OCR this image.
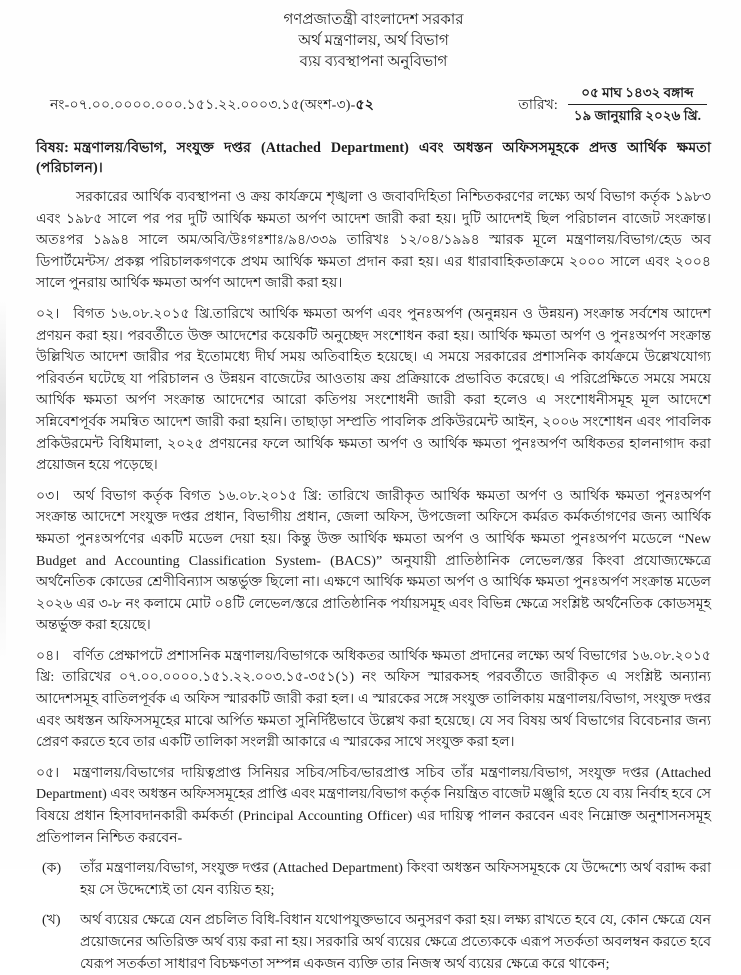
গণপ্রজাতন্ত্রী বাংলাদেশ সরকার
অর্থ মন্ত্রণালয়, অর্থ বিভাগ
ব্যয় ব্যবস্থাপনা অনুবিভাগ
নং-০৭.০০.০০০০.০০০.১৫১.২২.০০০৩.১৫(অংশ-৩)-৫২	তারিখ: $\frac{\text{০৫ মাঘ ১৪৩২ বঙ্গাব্দ}}{\text{১৯ জানুয়ারি ২০২৬ খ্রি.}}$
বিষয়: মন্ত্রণালয়/বিভাগ, সংযুক্ত দপ্তর (Attached Department) এবং অধস্তন অফিসসমূহকে প্রদত্ত আর্থিক ক্ষমতা (পরিচালন)।
সরকারের আর্থিক ব্যবস্থাপনা ও ক্রয় কার্যক্রমে শৃঙ্খলা ও জবাবদিহিতা নিশ্চিতকরণের লক্ষ্যে অর্থ বিভাগ কর্তৃক ১৯৮৩ এবং ১৯৮৫ সালে পর পর দুটি আর্থিক ক্ষমতা অর্পণ আদেশ জারী করা হয়। দুটি আদেশই ছিল পরিচালন বাজেট সংক্রান্ত। অতঃপর ১৯৯৪ সালে অম/অবি/উঃগঃশাঃ/৯৪/৩৩৯ তারিখঃ ১২/০৪/১৯৯৪ স্মারক মূলে মন্ত্রণালয়/বিভাগ/হেড অব ডিপার্টমেন্টস/ প্রকল্প পরিচালকগণকে প্রথম আর্থিক ক্ষমতা প্রদান করা হয়। এর ধারাবাহিকতাক্রমে ২০০০ সালে এবং ২০০৪ সালে পুনরায় আর্থিক ক্ষমতা অর্পণ আদেশ জারী করা হয়।
০২। বিগত ১৬.০৮.২০১৫ খ্রি.তারিখে আর্থিক ক্ষমতা অর্পণ এবং পুনঃঅর্পণ (অনুন্নয়ন ও উন্নয়ন) সংক্রান্ত সর্বশেষ আদেশ প্রণয়ন করা হয়। পরবর্তীতে উক্ত আদেশের কয়েকটি অনুচ্ছেদ সংশোধন করা হয়। আর্থিক ক্ষমতা অর্পণ ও পুনঃঅর্পণ সংক্রান্ত উল্লিখিত আদেশ জারীর পর ইতোমধ্যে দীর্ঘ সময় অতিবাহিত হয়েছে। এ সময়ে সরকারের প্রশাসনিক কার্যক্রমে উল্লেখযোগ্য পরিবর্তন ঘটেছে যা পরিচালন ও উন্নয়ন বাজেটের আওতায় ক্রয় প্রক্রিয়াকে প্রভাবিত করেছে। এ পরিপ্রেক্ষিতে সময়ে সময়ে আর্থিক ক্ষমতা অর্পণ সংক্রান্ত আদেশের আরো কতিপয় সংশোধনী জারী করা হলেও এ সংশোধনীসমূহ মূল আদেশে সন্নিবেশপূর্বক সমন্বিত আদেশ জারী করা হয়নি। তাছাড়া সম্প্রতি পাবলিক প্রকিউরমেন্ট আইন, ২০০৬ সংশোধন এবং পাবলিক প্রকিউরমেন্ট বিধিমালা, ২০২৫ প্রণয়নের ফলে আর্থিক ক্ষমতা অর্পণ ও আর্থিক ক্ষমতা পুনঃঅর্পণ অধিকতর হালনাগাদ করা প্রয়োজন হয়ে পড়েছে।
০৩। অর্থ বিভাগ কর্তৃক বিগত ১৬.০৮.২০১৫ খ্রি: তারিখে জারীকৃত আর্থিক ক্ষমতা অর্পণ ও আর্থিক ক্ষমতা পুনঃঅর্পণ সংক্রান্ত আদেশে সংযুক্ত দপ্তর প্রধান, বিভাগীয় প্রধান, জেলা অফিস, উপজেলা অফিসে কর্মরত কর্মকর্তাগণের জন্য আর্থিক ক্ষমতা পুনঃঅর্পণের একটি মডেল দেয়া হয়। কিন্তু উক্ত আর্থিক ক্ষমতা অর্পণ ও আর্থিক ক্ষমতা পুনঃঅর্পণ মডেলে “New Budget and Accounting Classification System- (BACS)” অনুযায়ী প্রাতিষ্ঠানিক লেভেল/স্তর কিংবা প্রযোজ্যক্ষেত্রে অর্থনৈতিক কোডের শ্রেণীবিন্যাস অন্তর্ভুক্ত ছিলো না। এক্ষণে আর্থিক ক্ষমতা অর্পণ ও আর্থিক ক্ষমতা পুনঃঅর্পণ সংক্রান্ত মডেল ২০২৬ এর ৩-৮ নং কলামে মোট ০৪টি লেভেল/স্তরে প্রাতিষ্ঠানিক পর্যায়সমূহ এবং বিভিন্ন ক্ষেত্রে সংশ্লিষ্ট অর্থনৈতিক কোডসমূহ অন্তর্ভুক্ত করা হয়েছে।
০৪। বর্ণিত প্রেক্ষাপটে প্রশাসনিক মন্ত্রণালয়/বিভাগকে অধিকতর আর্থিক ক্ষমতা প্রদানের লক্ষ্যে অর্থ বিভাগের ১৬.০৮.২০১৫ খ্রি: তারিখের ০৭.০০.০০০০.১৫১.২২.০০৩.১৫-৩৫১(১) নং অফিস স্মারকসহ পরবর্তীতে জারীকৃত এ সংশ্লিষ্ট অন্যান্য আদেশসমূহ বাতিলপূর্বক এ অফিস স্মারকটি জারী করা হল। এ স্মারকের সঙ্গে সংযুক্ত তালিকায় মন্ত্রণালয়/বিভাগ, সংযুক্ত দপ্তর এবং অধস্তন অফিসসমূহের মাঝে অর্পিত ক্ষমতা সুনির্দিষ্টভাবে উল্লেখ করা হয়েছে। যে সব বিষয় অর্থ বিভাগের বিবেচনার জন্য প্রেরণ করতে হবে তার একটি তালিকা সংলগ্নী আকারে এ স্মারকের সাথে সংযুক্ত করা হল।
০৫। মন্ত্রণালয়/বিভাগের দায়িত্বপ্রাপ্ত সিনিয়র সচিব/সচিব/ভারপ্রাপ্ত সচিব তাঁর মন্ত্রণালয়/বিভাগ, সংযুক্ত দপ্তর (Attached Department) এবং অধস্তন অফিসসমূহের প্রাপ্তি এবং মন্ত্রণালয়/বিভাগ কর্তৃক নিয়ন্ত্রিত বাজেট মঞ্জুরি হতে যে ব্যয় নির্বাহ হবে সে বিষয়ে প্রধান হিসাবদানকারী কর্মকর্তা (Principal Accounting Officer) এর দায়িত্ব পালন করবেন এবং নিম্নোক্ত অনুশাসনসমূহ প্রতিপালন নিশ্চিত করবেন-
(ক)	তাঁর মন্ত্রণালয়/বিভাগ, সংযুক্ত দপ্তর (Attached Department) কিংবা অধস্তন অফিসসমূহকে যে উদ্দেশ্যে অর্থ বরাদ্দ করা হয় সে উদ্দেশ্যেই তা যেন ব্যয়িত হয়;
(খ)	অর্থ ব্যয়ের ক্ষেত্রে যেন প্রচলিত বিধি-বিধান যথোপযুক্তভাবে অনুসরণ করা হয়। লক্ষ্য রাখতে হবে যে, কোন ক্ষেত্রে যেন প্রয়োজনের অতিরিক্ত অর্থ ব্যয় করা না হয়। সরকারি অর্থ ব্যয়ের ক্ষেত্রে প্রত্যেককে এরূপ সতর্কতা অবলম্বন করতে হবে যেরূপ সতর্কতা সাধারণ বিচক্ষণতা সম্পন্ন একজন ব্যক্তি তার নিজস্ব অর্থ ব্যয়ের ক্ষেত্রে করে থাকেন;
